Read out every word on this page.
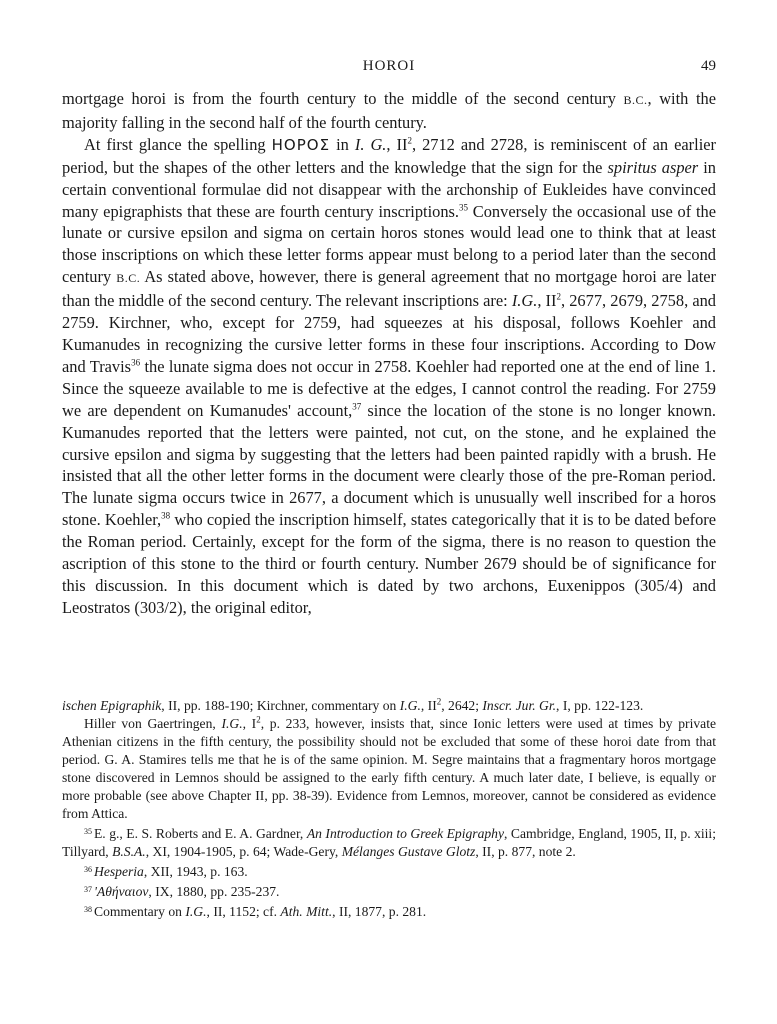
HOROI	49

mortgage horoi is from the fourth century to the middle of the second century B.C., with the majority falling in the second half of the fourth century.

At first glance the spelling ΗΟΡΟΣ in I. G., $II^2$, 2712 and 2728, is reminiscent of an earlier period, but the shapes of the other letters and the knowledge that the sign for the spiritus asper in certain conventional formulae did not disappear with the archonship of Eukleides have convinced many epigraphists that these are fourth century inscriptions.$^{35}$ Conversely the occasional use of the lunate or cursive epsilon and sigma on certain horos stones would lead one to think that at least those inscriptions on which these letter forms appear must belong to a period later than the second century B.C. As stated above, however, there is general agreement that no mortgage horoi are later than the middle of the second century. The relevant inscriptions are: I.G., $II^2$, 2677, 2679, 2758, and 2759. Kirchner, who, except for 2759, had squeezes at his disposal, follows Koehler and Kumanudes in recognizing the cursive letter forms in these four inscriptions. According to Dow and Travis$^{36}$ the lunate sigma does not occur in 2758. Koehler had reported one at the end of line 1. Since the squeeze available to me is defective at the edges, I cannot control the reading. For 2759 we are dependent on Kumanudes' account,$^{37}$ since the location of the stone is no longer known. Kumanudes reported that the letters were painted, not cut, on the stone, and he explained the cursive epsilon and sigma by suggesting that the letters had been painted rapidly with a brush. He insisted that all the other letter forms in the document were clearly those of the pre-Roman period. The lunate sigma occurs twice in 2677, a document which is unusually well inscribed for a horos stone. Koehler,$^{38}$ who copied the inscription himself, states categorically that it is to be dated before the Roman period. Certainly, except for the form of the sigma, there is no reason to question the ascription of this stone to the third or fourth century. Number 2679 should be of significance for this discussion. In this document which is dated by two archons, Euxenippos (305/4) and Leostratos (303/2), the original editor,

ischen Epigraphik, II, pp. 188-190; Kirchner, commentary on I.G., $II^2$, 2642; Inscr. Jur. Gr., I, pp. 122-123.

Hiller von Gaertringen, I.G., $I^2$, p. 233, however, insists that, since Ionic letters were used at times by private Athenian citizens in the fifth century, the possibility should not be excluded that some of these horoi date from that period. G. A. Stamires tells me that he is of the same opinion. M. Segre maintains that a fragmentary horos mortgage stone discovered in Lemnos should be assigned to the early fifth century. A much later date, I believe, is equally or more probable (see above Chapter II, pp. 38-39). Evidence from Lemnos, moreover, cannot be considered as evidence from Attica.

$^{35}$ E. g., E. S. Roberts and E. A. Gardner, An Introduction to Greek Epigraphy, Cambridge, England, 1905, II, p. xiii; Tillyard, B.S.A., XI, 1904-1905, p. 64; Wade-Gery, Mélanges Gustave Glotz, II, p. 877, note 2.

$^{36}$ Hesperia, XII, 1943, p. 163.

$^{37}$ 'Αθήναιον, IX, 1880, pp. 235-237.

$^{38}$ Commentary on I.G., II, 1152; cf. Ath. Mitt., II, 1877, p. 281.
